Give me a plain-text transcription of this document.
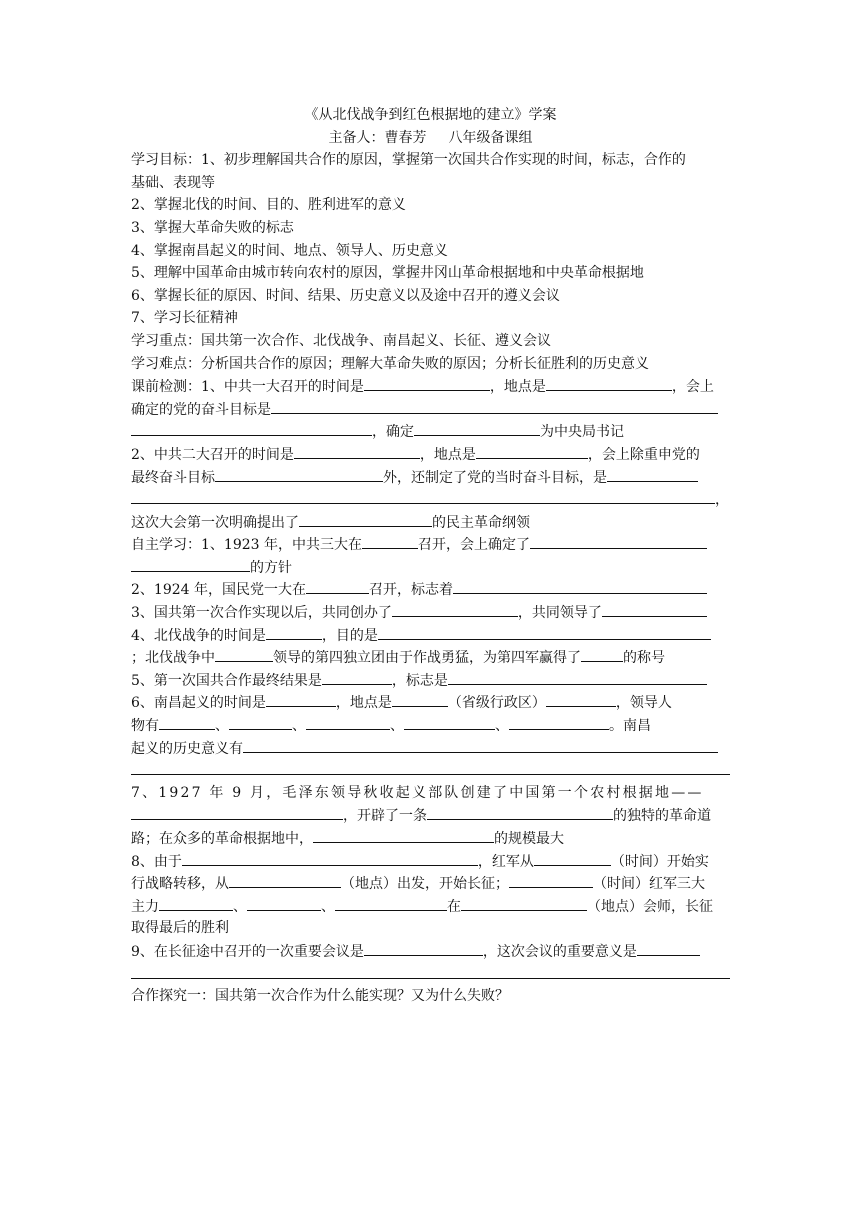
《从北伐战争到红色根据地的建立》学案
主备人：曹春芳 八年级备课组
学习目标：1、初步理解国共合作的原因，掌握第一次国共合作实现的时间，标志，合作的
基础、表现等
2、掌握北伐的时间、目的、胜利进军的意义
3、掌握大革命失败的标志
4、掌握南昌起义的时间、地点、领导人、历史意义
5、理解中国革命由城市转向农村的原因，掌握井冈山革命根据地和中央革命根据地
6、掌握长征的原因、时间、结果、历史意义以及途中召开的遵义会议
7、学习长征精神
学习重点：国共第一次合作、北伐战争、南昌起义、长征、遵义会议
学习难点：分析国共合作的原因；理解大革命失败的原因；分析长征胜利的历史意义
课前检测：1、中共一大召开的时间是	，地点是	，会上
确定的党的奋斗目标是
，确定	为中央局书记
2、中共二大召开的时间是	，地点是	，会上除重申党的
最终奋斗目标	外，还制定了党的当时奋斗目标，是
，
这次大会第一次明确提出了	的民主革命纲领
自主学习：1、1923 年，中共三大在	召开，会上确定了
的方针
2、1924 年，国民党一大在	召开，标志着
3、国共第一次合作实现以后，共同创办了	，共同领导了
4、北伐战争的时间是	，目的是
；北伐战争中	领导的第四独立团由于作战勇猛，为第四军赢得了	的称号
5、第一次国共合作最终结果是	，标志是
6、南昌起义的时间是	，地点是	（省级行政区）	，领导人
物有	、	、	、	、	。南昌
起义的历史意义有
7、1927 年 9 月，毛泽东领导秋收起义部队创建了中国第一个农村根据地——
，开辟了一条	的独特的革命道
路；在众多的革命根据地中，	的规模最大
8、由于	，红军从	（时间）开始实
行战略转移，从	（地点）出发，开始长征；	（时间）红军三大
主力	、	、	在	（地点）会师，长征
取得最后的胜利
9、在长征途中召开的一次重要会议是	，这次会议的重要意义是
合作探究一：国共第一次合作为什么能实现？又为什么失败？
